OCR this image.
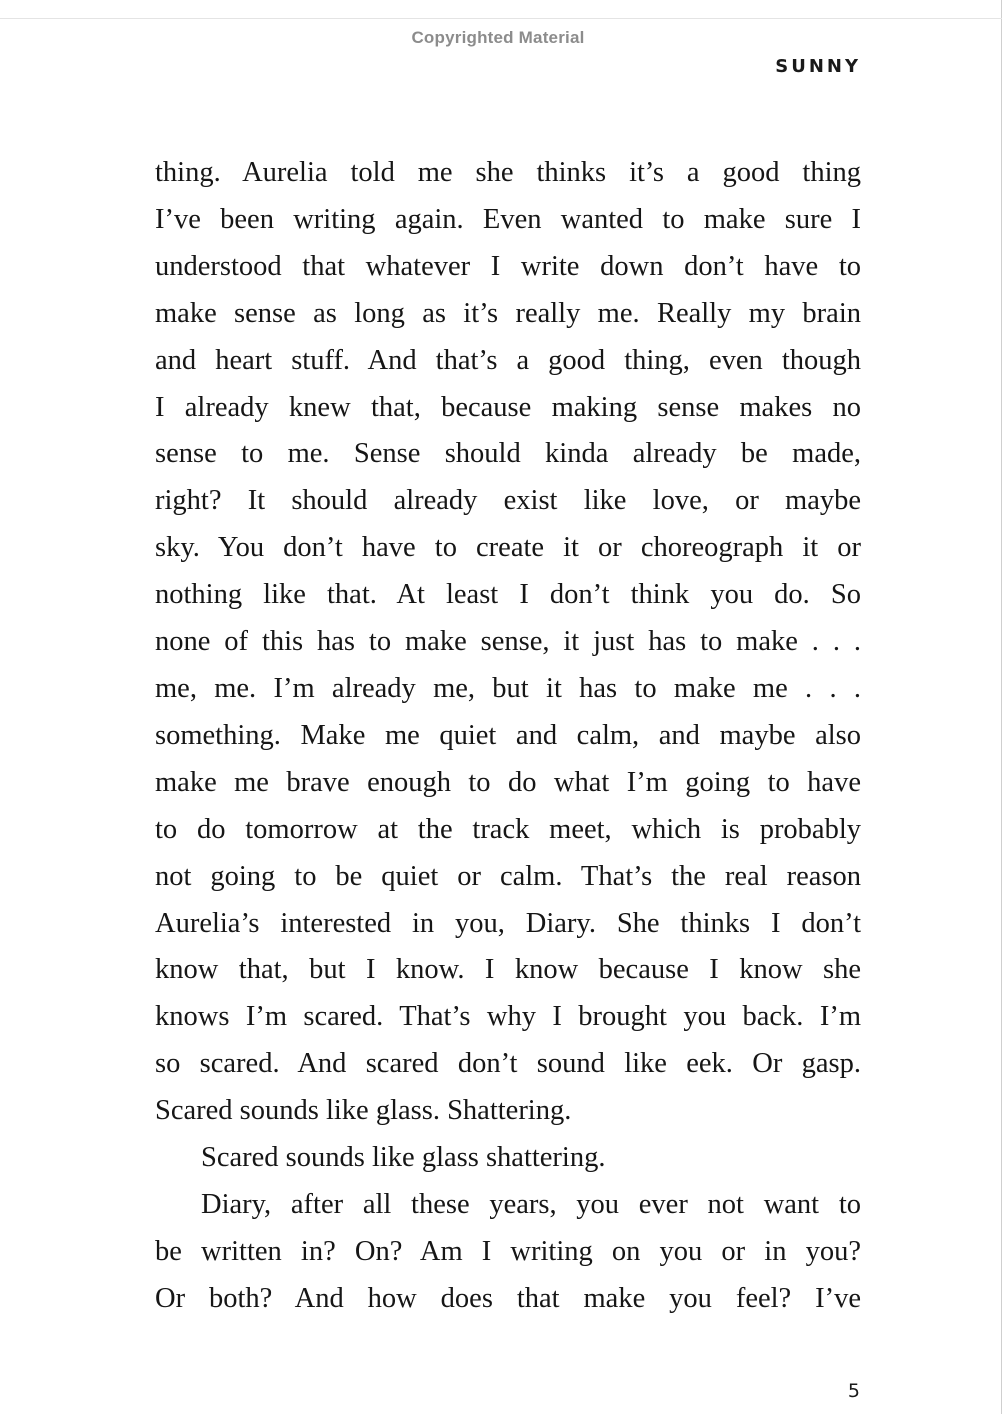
Copyrighted Material
SUNNY
thing. Aurelia told me she thinks it’s a good thing
I’ve been writing again. Even wanted to make sure I
understood that whatever I write down don’t have to
make sense as long as it’s really me. Really my brain
and heart stuff. And that’s a good thing, even though
I already knew that, because making sense makes no
sense to me. Sense should kinda already be made,
right? It should already exist like love, or maybe
sky. You don’t have to create it or choreograph it or
nothing like that. At least I don’t think you do. So
none of this has to make sense, it just has to make . . .
me, me. I’m already me, but it has to make me . . .
something. Make me quiet and calm, and maybe also
make me brave enough to do what I’m going to have
to do tomorrow at the track meet, which is probably
not going to be quiet or calm. That’s the real reason
Aurelia’s interested in you, Diary. She thinks I don’t
know that, but I know. I know because I know she
knows I’m scared. That’s why I brought you back. I’m
so scared. And scared don’t sound like eek. Or gasp.
Scared sounds like glass. Shattering.
Scared sounds like glass shattering.
Diary, after all these years, you ever not want to
be written in? On? Am I writing on you or in you?
Or both? And how does that make you feel? I’ve
5
